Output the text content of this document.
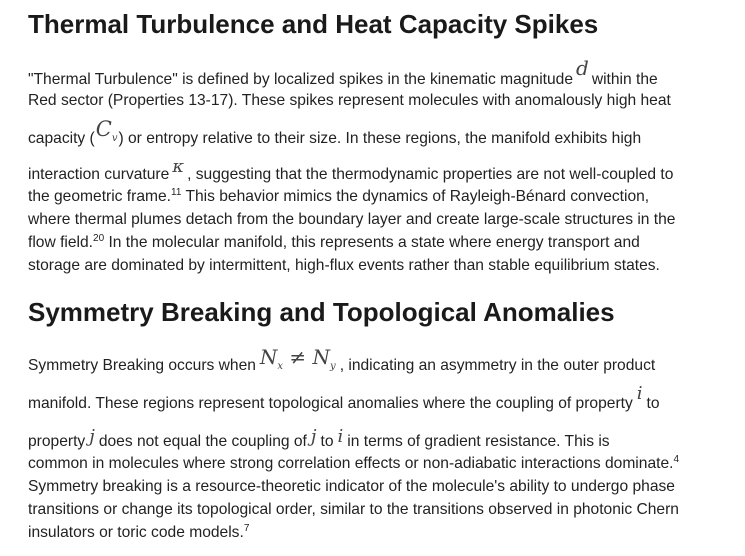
Thermal Turbulence and Heat Capacity Spikes
"Thermal Turbulence" is defined by localized spikes in the kinematic magnitude d within the
Red sector (Properties 13-17). These spikes represent molecules with anomalously high heat
capacity $(C_v)$ or entropy relative to their size. In these regions, the manifold exhibits high
interaction curvature κ , suggesting that the thermodynamic properties are not well-coupled to
the geometric frame.$^{11}$ This behavior mimics the dynamics of Rayleigh-Bénard convection,
where thermal plumes detach from the boundary layer and create large-scale structures in the
flow field.$^{20}$ In the molecular manifold, this represents a state where energy transport and
storage are dominated by intermittent, high-flux events rather than stable equilibrium states.
Symmetry Breaking and Topological Anomalies
Symmetry Breaking occurs when $N_x \ne N_y$ , indicating an asymmetry in the outer product
manifold. These regions represent topological anomalies where the coupling of property i to
property j does not equal the coupling of j to i in terms of gradient resistance. This is
common in molecules where strong correlation effects or non-adiabatic interactions dominate.$^4$
Symmetry breaking is a resource-theoretic indicator of the molecule's ability to undergo phase
transitions or change its topological order, similar to the transitions observed in photonic Chern
insulators or toric code models.$^7$
